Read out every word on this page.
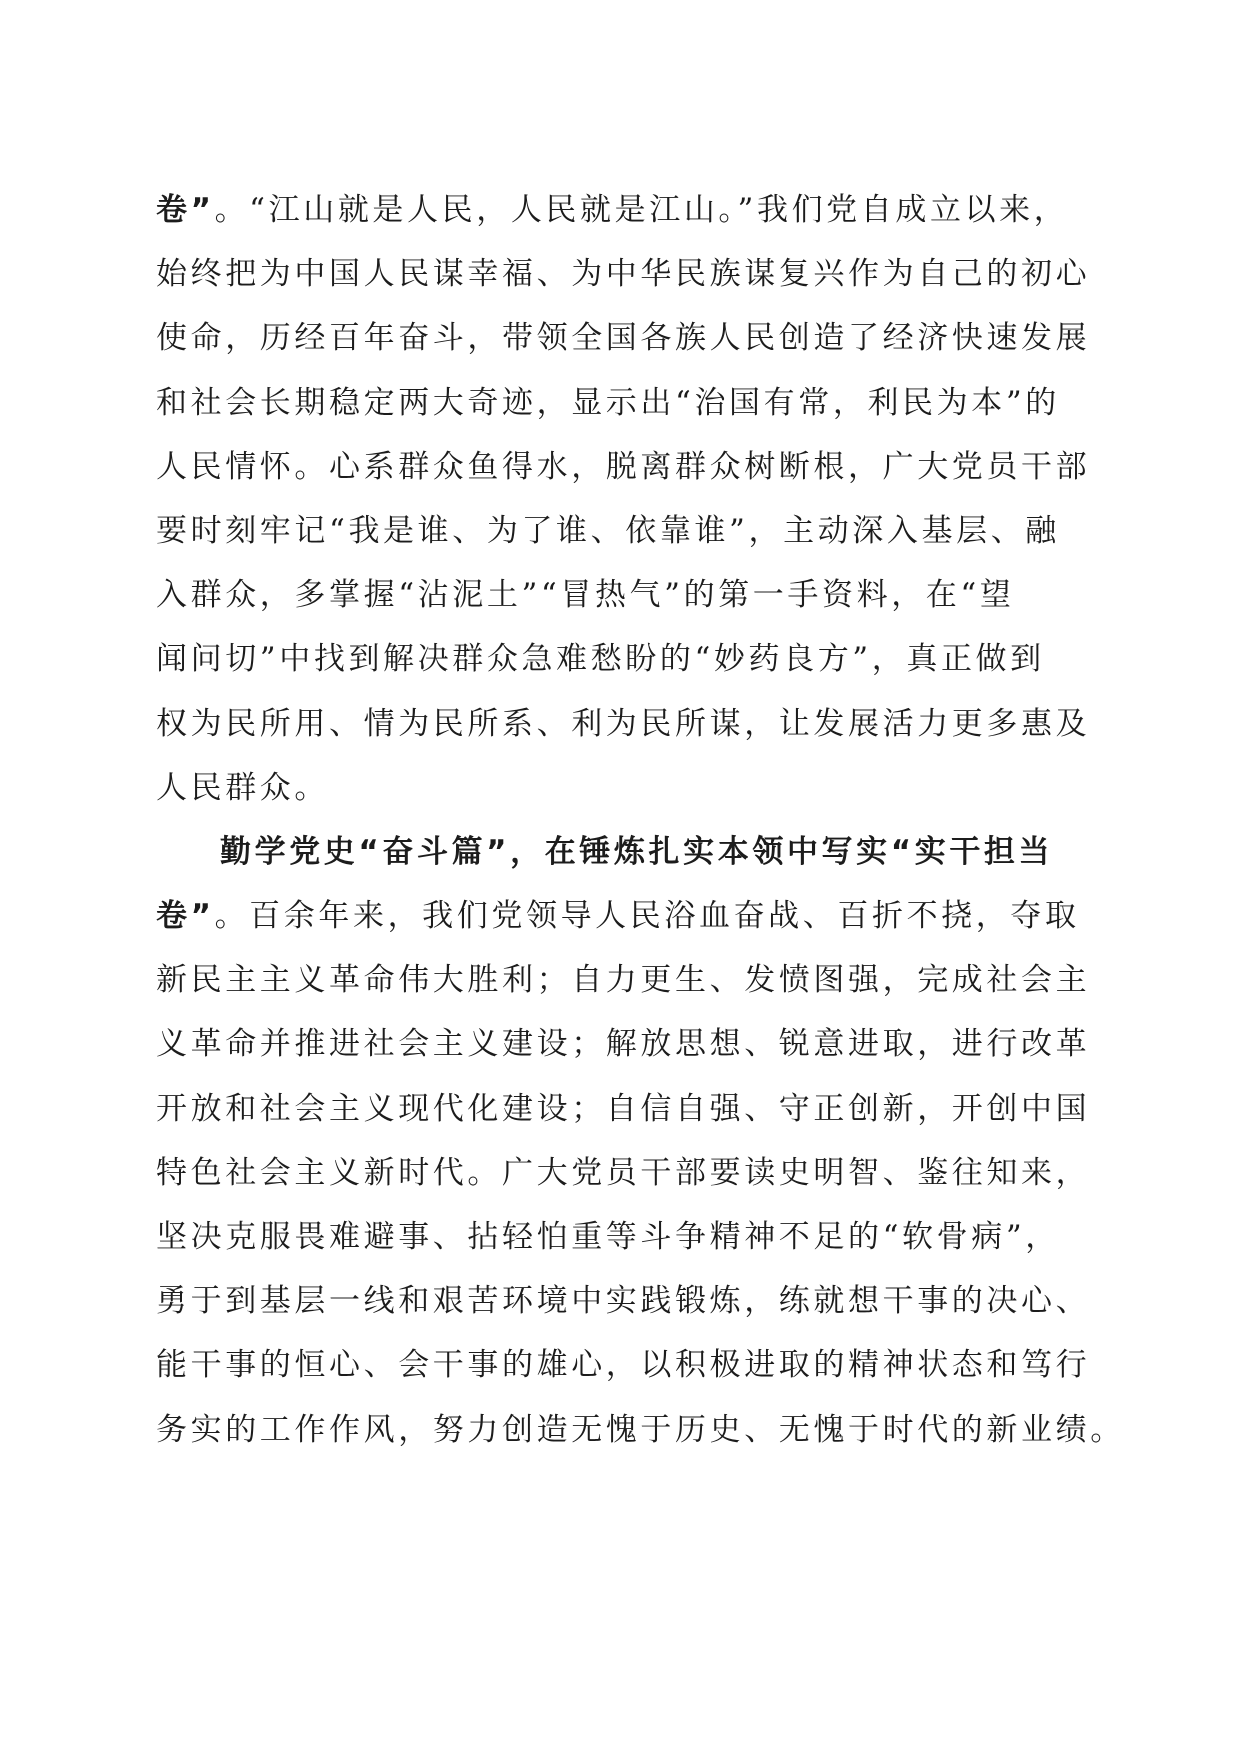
卷”。“江山就是人民，人民就是江山。”我们党自成立以来，

始终把为中国人民谋幸福、为中华民族谋复兴作为自己的初心

使命，历经百年奋斗，带领全国各族人民创造了经济快速发展

和社会长期稳定两大奇迹，显示出“治国有常，利民为本”的

人民情怀。心系群众鱼得水，脱离群众树断根，广大党员干部

要时刻牢记“我是谁、为了谁、依靠谁”，主动深入基层、融

入群众，多掌握“沾泥土”“冒热气”的第一手资料，在“望

闻问切”中找到解决群众急难愁盼的“妙药良方”，真正做到

权为民所用、情为民所系、利为民所谋，让发展活力更多惠及

人民群众。

勤学党史“奋斗篇”，在锤炼扎实本领中写实“实干担当

卷”。百余年来，我们党领导人民浴血奋战、百折不挠，夺取

新民主主义革命伟大胜利；自力更生、发愤图强，完成社会主

义革命并推进社会主义建设；解放思想、锐意进取，进行改革

开放和社会主义现代化建设；自信自强、守正创新，开创中国

特色社会主义新时代。广大党员干部要读史明智、鉴往知来，

坚决克服畏难避事、拈轻怕重等斗争精神不足的“软骨病”，

勇于到基层一线和艰苦环境中实践锻炼，练就想干事的决心、

能干事的恒心、会干事的雄心，以积极进取的精神状态和笃行

务实的工作作风，努力创造无愧于历史、无愧于时代的新业绩。
